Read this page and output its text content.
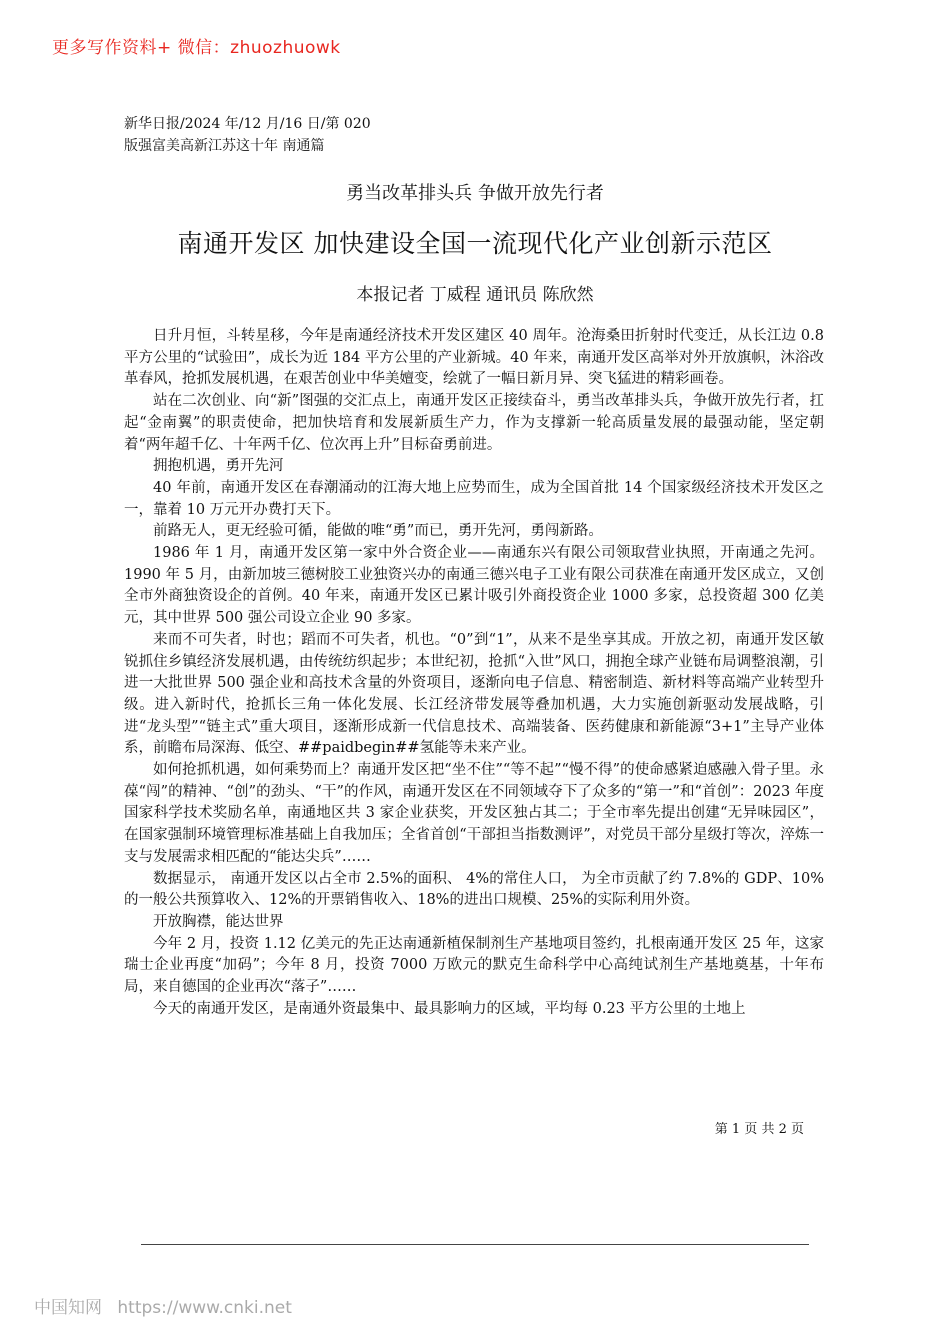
更多写作资料+ 微信：zhuozhuowk
新华日报/2024 年/12 月/16 日/第 020
版强富美高新江苏这十年 南通篇
勇当改革排头兵 争做开放先行者
南通开发区 加快建设全国一流现代化产业创新示范区
本报记者 丁威程 通讯员 陈欣然

日升月恒，斗转星移，今年是南通经济技术开发区建区 40 周年。沧海桑田折射时代变迁，从长江边 0.8 平方公里的“试验田”，成长为近 184 平方公里的产业新城。40 年来，南通开发区高举对外开放旗帜，沐浴改革春风，抢抓发展机遇，在艰苦创业中华美嬗变，绘就了一幅日新月异、突飞猛进的精彩画卷。

站在二次创业、向“新”图强的交汇点上，南通开发区正接续奋斗，勇当改革排头兵，争做开放先行者，扛起“金南翼”的职责使命，把加快培育和发展新质生产力，作为支撑新一轮高质量发展的最强动能，坚定朝着“两年超千亿、十年两千亿、位次再上升”目标奋勇前进。

拥抱机遇，勇开先河

40 年前，南通开发区在春潮涌动的江海大地上应势而生，成为全国首批 14 个国家级经济技术开发区之一，靠着 10 万元开办费打天下。

前路无人，更无经验可循，能做的唯“勇”而已，勇开先河，勇闯新路。

1986 年 1 月，南通开发区第一家中外合资企业——南通东兴有限公司领取营业执照，开南通之先河。1990 年 5 月，由新加坡三德树胶工业独资兴办的南通三德兴电子工业有限公司获准在南通开发区成立，又创全市外商独资设企的首例。40 年来，南通开发区已累计吸引外商投资企业 1000 多家，总投资超 300 亿美元，其中世界 500 强公司设立企业 90 多家。

来而不可失者，时也；蹈而不可失者，机也。“0”到“1”，从来不是坐享其成。开放之初，南通开发区敏锐抓住乡镇经济发展机遇，由传统纺织起步；本世纪初，抢抓“入世”风口，拥抱全球产业链布局调整浪潮，引进一大批世界 500 强企业和高技术含量的外资项目，逐渐向电子信息、精密制造、新材料等高端产业转型升级。进入新时代，抢抓长三角一体化发展、长江经济带发展等叠加机遇，大力实施创新驱动发展战略，引进“龙头型”“链主式”重大项目，逐渐形成新一代信息技术、高端装备、医药健康和新能源“3+1”主导产业体系，前瞻布局深海、低空、##paidbegin##氢能等未来产业。

如何抢抓机遇，如何乘势而上？南通开发区把“坐不住”“等不起”“慢不得”的使命感紧迫感融入骨子里。永葆“闯”的精神、“创”的劲头、“干”的作风，南通开发区在不同领域夺下了众多的“第一”和“首创”：2023 年度国家科学技术奖励名单，南通地区共 3 家企业获奖，开发区独占其二；于全市率先提出创建“无异味园区”，在国家强制环境管理标准基础上自我加压；全省首创“干部担当指数测评”，对党员干部分星级打等次，淬炼一支与发展需求相匹配的“能达尖兵”……

数据显示， 南通开发区以占全市 2.5%的面积、 4%的常住人口， 为全市贡献了约 7.8%的 GDP、10%的一般公共预算收入、12%的开票销售收入、18%的进出口规模、25%的实际利用外资。

开放胸襟，能达世界

今年 2 月，投资 1.12 亿美元的先正达南通新植保制剂生产基地项目签约，扎根南通开发区 25 年，这家瑞士企业再度“加码”；今年 8 月，投资 7000 万欧元的默克生命科学中心高纯试剂生产基地奠基，十年布局，来自德国的企业再次“落子”……

今天的南通开发区，是南通外资最集中、最具影响力的区域，平均每 0.23 平方公里的土地上

第 1 页 共 2 页
中国知网 https://www.cnki.net
